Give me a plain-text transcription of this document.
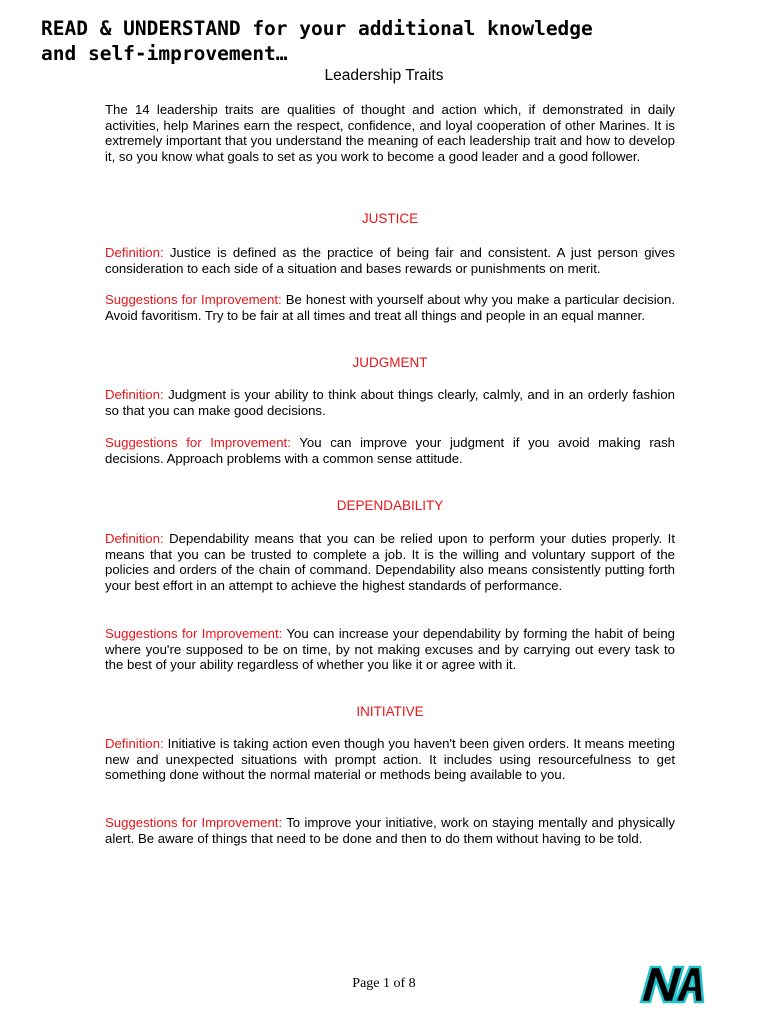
READ & UNDERSTAND for your additional knowledge
and self-improvement…
Leadership Traits

The 14 leadership traits are qualities of thought and action which, if demonstrated in daily activities, help Marines earn the respect, confidence, and loyal cooperation of other Marines. It is extremely important that you understand the meaning of each leadership trait and how to develop it, so you know what goals to set as you work to become a good leader and a good follower.

JUSTICE

Definition: Justice is defined as the practice of being fair and consistent. A just person gives consideration to each side of a situation and bases rewards or punishments on merit.

Suggestions for Improvement: Be honest with yourself about why you make a particular decision. Avoid favoritism. Try to be fair at all times and treat all things and people in an equal manner.

JUDGMENT

Definition: Judgment is your ability to think about things clearly, calmly, and in an orderly fashion so that you can make good decisions.

Suggestions for Improvement: You can improve your judgment if you avoid making rash decisions. Approach problems with a common sense attitude.

DEPENDABILITY

Definition: Dependability means that you can be relied upon to perform your duties properly. It means that you can be trusted to complete a job. It is the willing and voluntary support of the policies and orders of the chain of command. Dependability also means consistently putting forth your best effort in an attempt to achieve the highest standards of performance.

Suggestions for Improvement: You can increase your dependability by forming the habit of being where you're supposed to be on time, by not making excuses and by carrying out every task to the best of your ability regardless of whether you like it or agree with it.

INITIATIVE

Definition: Initiative is taking action even though you haven't been given orders. It means meeting new and unexpected situations with prompt action. It includes using resourcefulness to get something done without the normal material or methods being available to you.

Suggestions for Improvement: To improve your initiative, work on staying mentally and physically alert. Be aware of things that need to be done and then to do them without having to be told.

Page 1 of 8
